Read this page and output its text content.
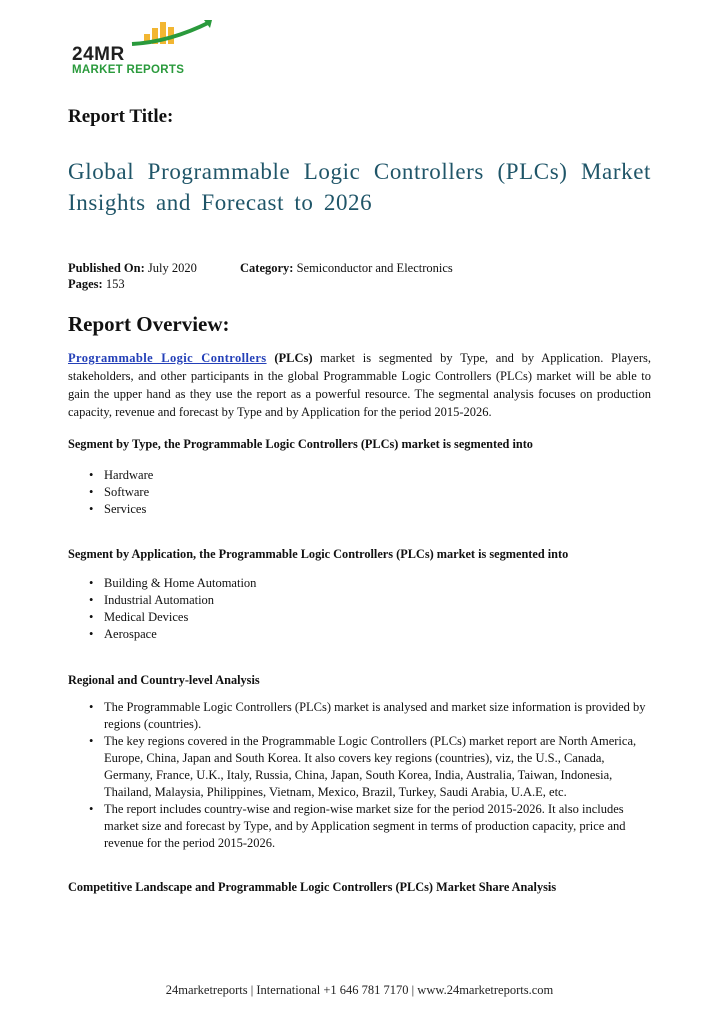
24MR
MARKET REPORTS
Report Title:
Global Programmable Logic Controllers (PLCs) Market Insights and Forecast to 2026
Published On: July 2020	Category: Semiconductor and Electronics
Pages: 153
Report Overview:

Programmable Logic Controllers (PLCs) market is segmented by Type, and by Application. Players, stakeholders, and other participants in the global Programmable Logic Controllers (PLCs) market will be able to gain the upper hand as they use the report as a powerful resource. The segmental analysis focuses on production capacity, revenue and forecast by Type and by Application for the period 2015-2026.

Segment by Type, the Programmable Logic Controllers (PLCs) market is segmented into
• Hardware
• Software
• Services
Segment by Application, the Programmable Logic Controllers (PLCs) market is segmented into
• Building & Home Automation
• Industrial Automation
• Medical Devices
• Aerospace
Regional and Country-level Analysis
• The Programmable Logic Controllers (PLCs) market is analysed and market size information is provided by regions (countries).
• The key regions covered in the Programmable Logic Controllers (PLCs) market report are North America, Europe, China, Japan and South Korea. It also covers key regions (countries), viz, the U.S., Canada, Germany, France, U.K., Italy, Russia, China, Japan, South Korea, India, Australia, Taiwan, Indonesia, Thailand, Malaysia, Philippines, Vietnam, Mexico, Brazil, Turkey, Saudi Arabia, U.A.E, etc.
• The report includes country-wise and region-wise market size for the period 2015-2026. It also includes market size and forecast by Type, and by Application segment in terms of production capacity, price and revenue for the period 2015-2026.
Competitive Landscape and Programmable Logic Controllers (PLCs) Market Share Analysis
24marketreports | International +1 646 781 7170 | www.24marketreports.com
